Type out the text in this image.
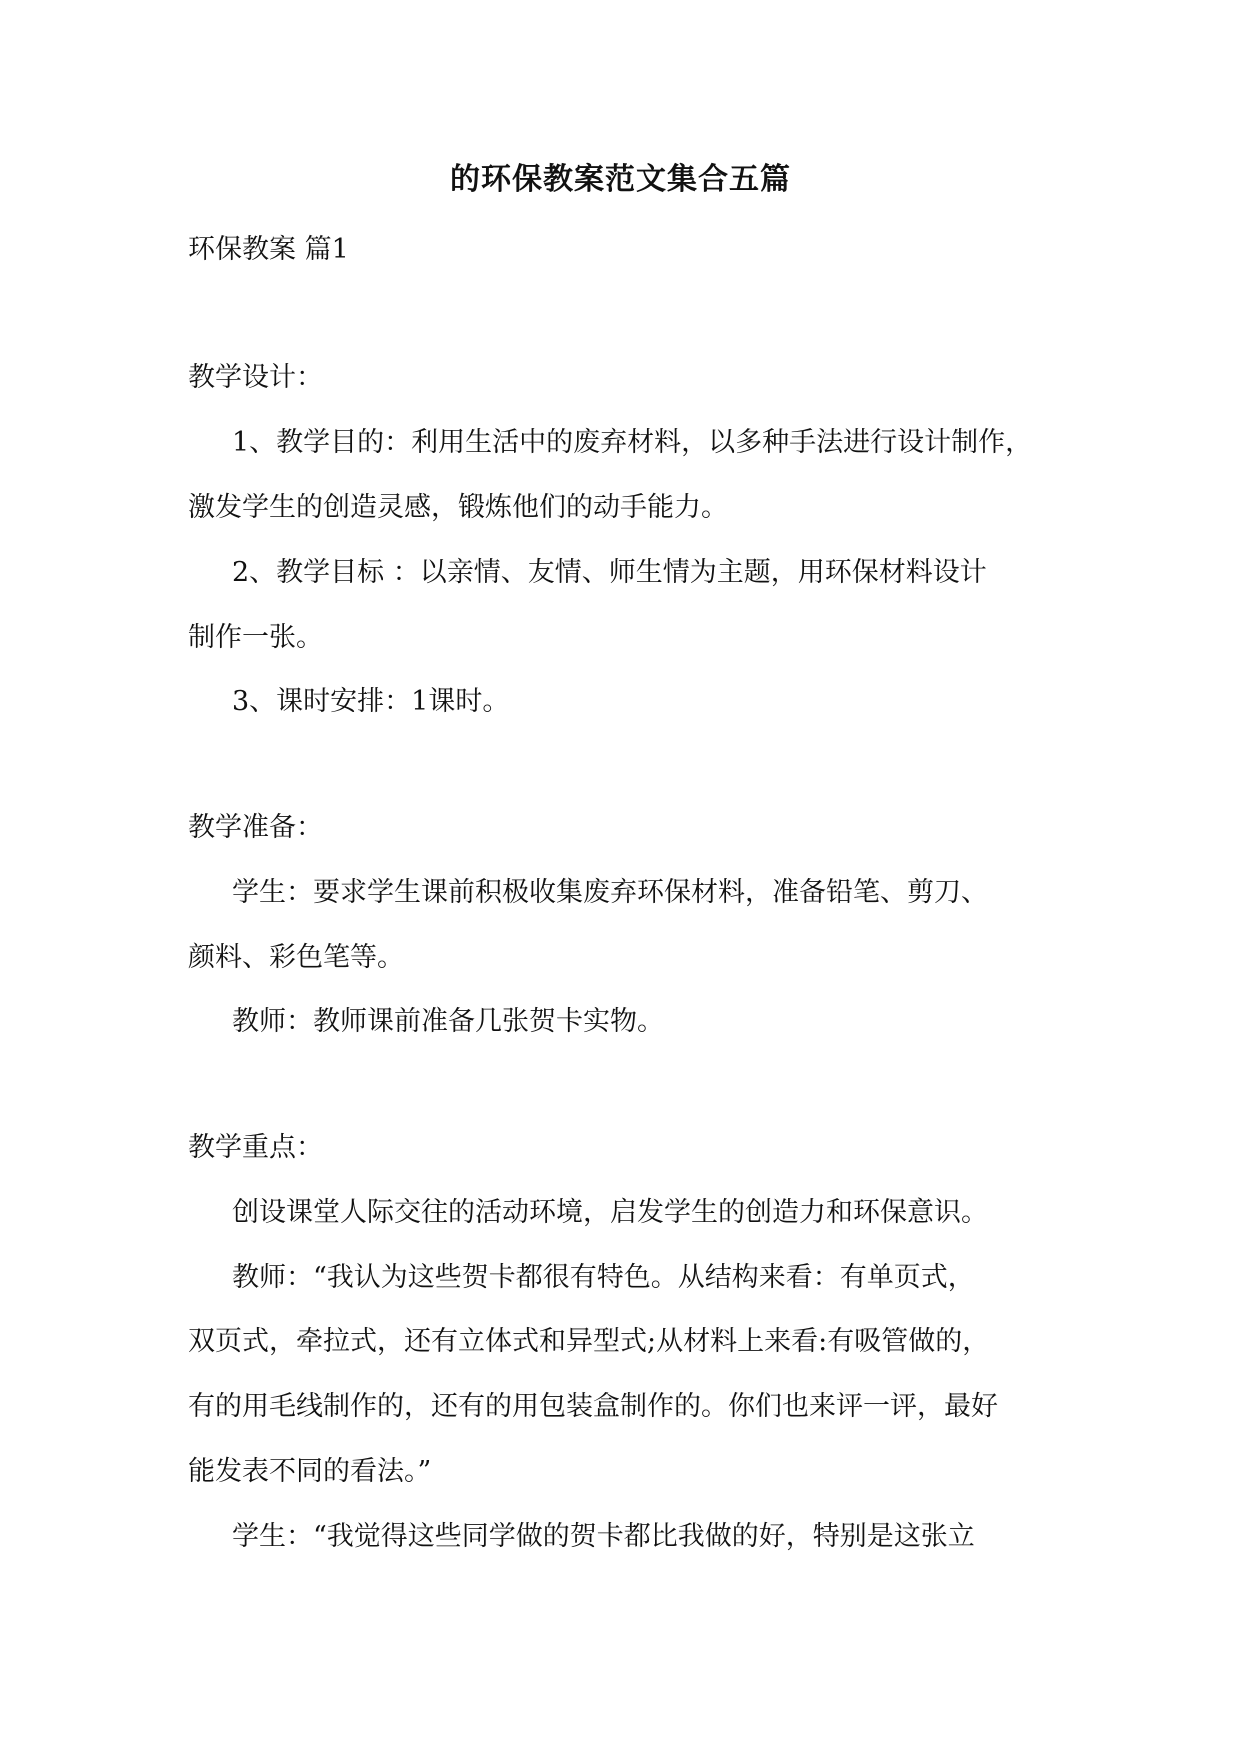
的环保教案范文集合五篇
环保教案 篇1
教学设计：
1、教学目的：利用生活中的废弃材料，以多种手法进行设计制作，
激发学生的创造灵感，锻炼他们的动手能力。
2、教学目标 ：以亲情、友情、师生情为主题，用环保材料设计
制作一张。
3、课时安排：1课时。
教学准备：
学生：要求学生课前积极收集废弃环保材料，准备铅笔、剪刀、
颜料、彩色笔等。
教师：教师课前准备几张贺卡实物。
教学重点：
创设课堂人际交往的活动环境，启发学生的创造力和环保意识。
教师：“我认为这些贺卡都很有特色。从结构来看：有单页式，
双页式，牵拉式，还有立体式和异型式;从材料上来看:有吸管做的，
有的用毛线制作的，还有的用包装盒制作的。你们也来评一评，最好
能发表不同的看法。”
学生：“我觉得这些同学做的贺卡都比我做的好，特别是这张立
